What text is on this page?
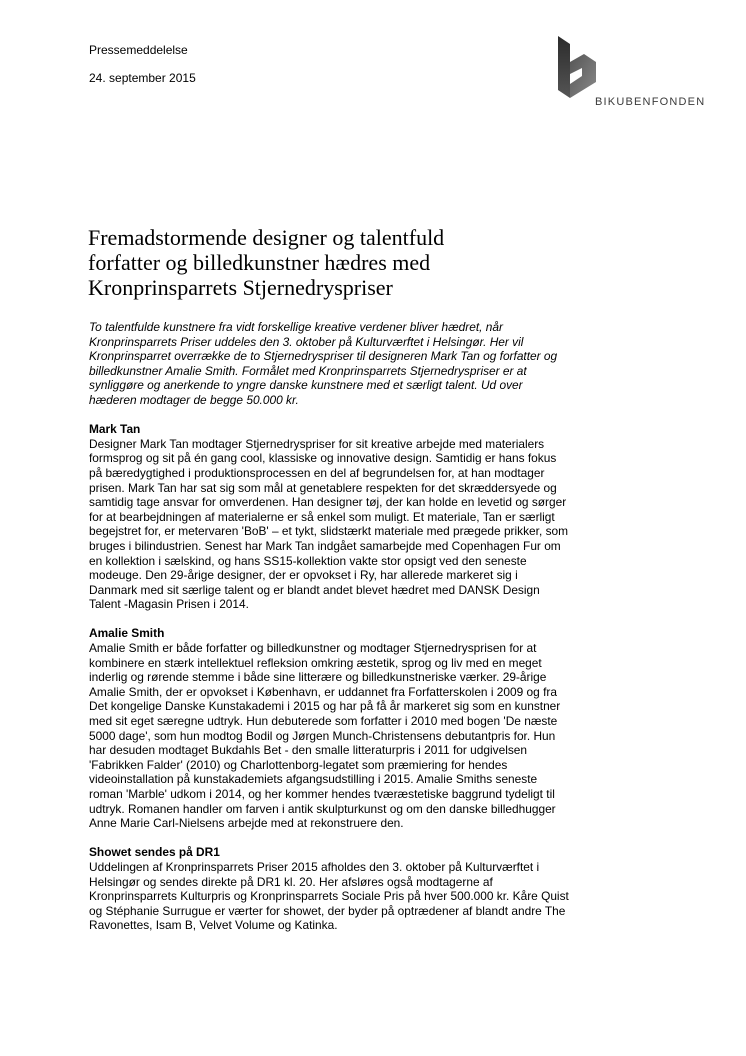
Pressemeddelelse
24. september 2015
BIKUBENFONDEN
Fremadstormende designer og talentfuld
forfatter og billedkunstner hædres med
Kronprinsparrets Stjernedryspriser

To talentfulde kunstnere fra vidt forskellige kreative verdener bliver hædret, når Kronprinsparrets Priser uddeles den 3. oktober på Kulturværftet i Helsingør. Her vil Kronprinsparret overrække de to Stjernedryspriser til designeren Mark Tan og forfatter og billedkunstner Amalie Smith. Formålet med Kronprinsparrets Stjernedryspriser er at synliggøre og anerkende to yngre danske kunstnere med et særligt talent. Ud over hæderen modtager de begge 50.000 kr.

Mark Tan

Designer Mark Tan modtager Stjernedryspriser for sit kreative arbejde med materialers formsprog og sit på én gang cool, klassiske og innovative design. Samtidig er hans fokus på bæredygtighed i produktionsprocessen en del af begrundelsen for, at han modtager prisen. Mark Tan har sat sig som mål at genetablere respekten for det skræddersyede og samtidig tage ansvar for omverdenen. Han designer tøj, der kan holde en levetid og sørger for at bearbejdningen af materialerne er så enkel som muligt. Et materiale, Tan er særligt begejstret for, er metervaren 'BoB' – et tykt, slidstærkt materiale med prægede prikker, som bruges i bilindustrien. Senest har Mark Tan indgået samarbejde med Copenhagen Fur om en kollektion i sælskind, og hans SS15-kollektion vakte stor opsigt ved den seneste modeuge. Den 29-årige designer, der er opvokset i Ry, har allerede markeret sig i Danmark med sit særlige talent og er blandt andet blevet hædret med DANSK Design Talent -Magasin Prisen i 2014.

Amalie Smith

Amalie Smith er både forfatter og billedkunstner og modtager Stjernedrysprisen for at kombinere en stærk intellektuel refleksion omkring æstetik, sprog og liv med en meget inderlig og rørende stemme i både sine litterære og billedkunstneriske værker. 29-årige Amalie Smith, der er opvokset i København, er uddannet fra Forfatterskolen i 2009 og fra Det kongelige Danske Kunstakademi i 2015 og har på få år markeret sig som en kunstner med sit eget særegne udtryk. Hun debuterede som forfatter i 2010 med bogen 'De næste 5000 dage', som hun modtog Bodil og Jørgen Munch-Christensens debutantpris for. Hun har desuden modtaget Bukdahls Bet - den smalle litteraturpris i 2011 for udgivelsen 'Fabrikken Falder' (2010) og Charlottenborg-legatet som præmiering for hendes videoinstallation på kunstakademiets afgangsudstilling i 2015. Amalie Smiths seneste roman 'Marble' udkom i 2014, og her kommer hendes tværæstetiske baggrund tydeligt til udtryk. Romanen handler om farven i antik skulpturkunst og om den danske billedhugger Anne Marie Carl-Nielsens arbejde med at rekonstruere den.

Showet sendes på DR1

Uddelingen af Kronprinsparrets Priser 2015 afholdes den 3. oktober på Kulturværftet i Helsingør og sendes direkte på DR1 kl. 20. Her afsløres også modtagerne af Kronprinsparrets Kulturpris og Kronprinsparrets Sociale Pris på hver 500.000 kr. Kåre Quist og Stéphanie Surrugue er værter for showet, der byder på optrædener af blandt andre The Ravonettes, Isam B, Velvet Volume og Katinka.
